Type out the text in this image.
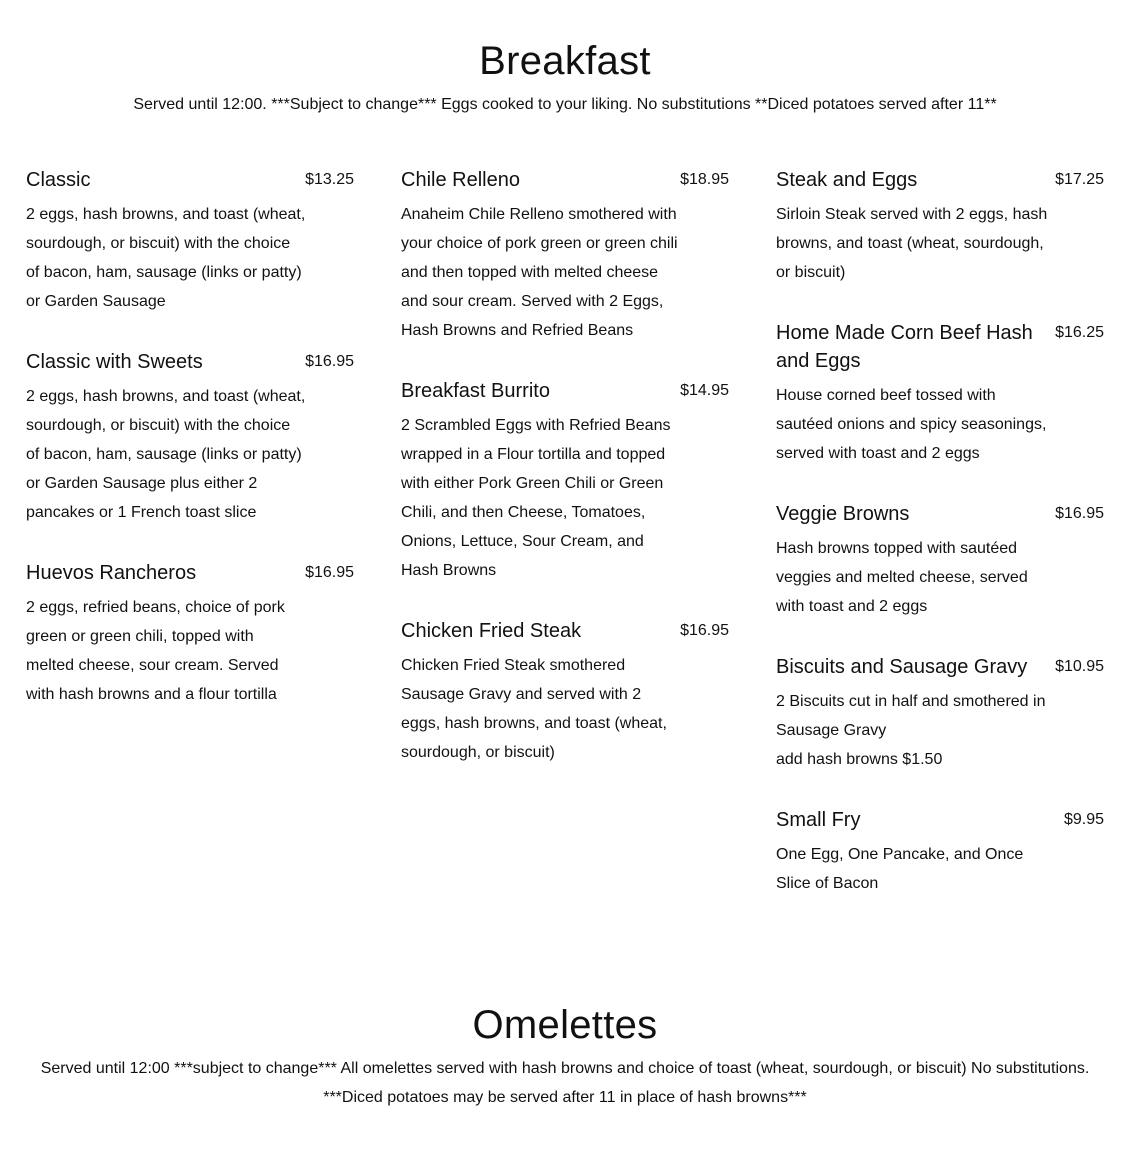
Breakfast
Served until 12:00. ***Subject to change*** Eggs cooked to your liking. No substitutions **Diced potatoes served after 11**
Classic	$13.25
2 eggs, hash browns, and toast (wheat, sourdough, or biscuit) with the choice of bacon, ham, sausage (links or patty) or Garden Sausage
Classic with Sweets	$16.95
2 eggs, hash browns, and toast (wheat, sourdough, or biscuit) with the choice of bacon, ham, sausage (links or patty) or Garden Sausage plus either 2 pancakes or 1 French toast slice
Huevos Rancheros	$16.95
2 eggs, refried beans, choice of pork green or green chili, topped with melted cheese, sour cream. Served with hash browns and a flour tortilla
Chile Relleno	$18.95
Anaheim Chile Relleno smothered with your choice of pork green or green chili and then topped with melted cheese and sour cream. Served with 2 Eggs, Hash Browns and Refried Beans
Breakfast Burrito	$14.95
2 Scrambled Eggs with Refried Beans wrapped in a Flour tortilla and topped with either Pork Green Chili or Green Chili, and then Cheese, Tomatoes, Onions, Lettuce, Sour Cream, and Hash Browns
Chicken Fried Steak	$16.95
Chicken Fried Steak smothered Sausage Gravy and served with 2 eggs, hash browns, and toast (wheat, sourdough, or biscuit)
Steak and Eggs	$17.25
Sirloin Steak served with 2 eggs, hash browns, and toast (wheat, sourdough, or biscuit)
Home Made Corn Beef Hash and Eggs
$16.25
House corned beef tossed with sautéed onions and spicy seasonings, served with toast and 2 eggs
Veggie Browns	$16.95
Hash browns topped with sautéed veggies and melted cheese, served with toast and 2 eggs
Biscuits and Sausage Gravy	$10.95
2 Biscuits cut in half and smothered in Sausage Gravy
add hash browns $1.50
Small Fry	$9.95
One Egg, One Pancake, and Once Slice of Bacon
Omelettes
Served until 12:00 ***subject to change*** All omelettes served with hash browns and choice of toast (wheat, sourdough, or biscuit) No substitutions.
***Diced potatoes may be served after 11 in place of hash browns***
